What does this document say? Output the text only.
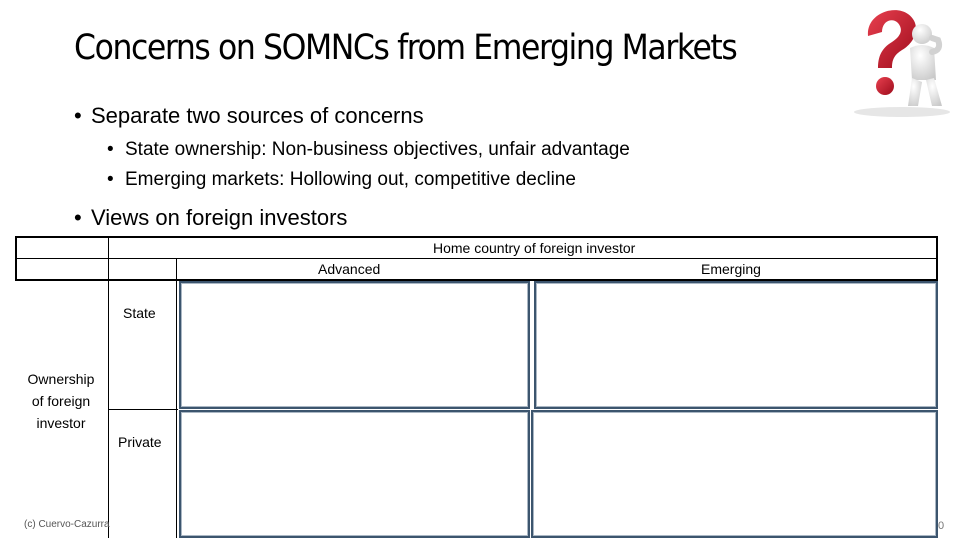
Concerns on SOMNCs from Emerging Markets
• Separate two sources of concerns
• State ownership: Non-business objectives, unfair advantage
• Emerging markets: Hollowing out, competitive decline
• Views on foreign investors
Home country of foreign investor
Advanced	Emerging
State
Private
Ownership
of foreign
investor
(c) Cuervo-Cazurra	0
